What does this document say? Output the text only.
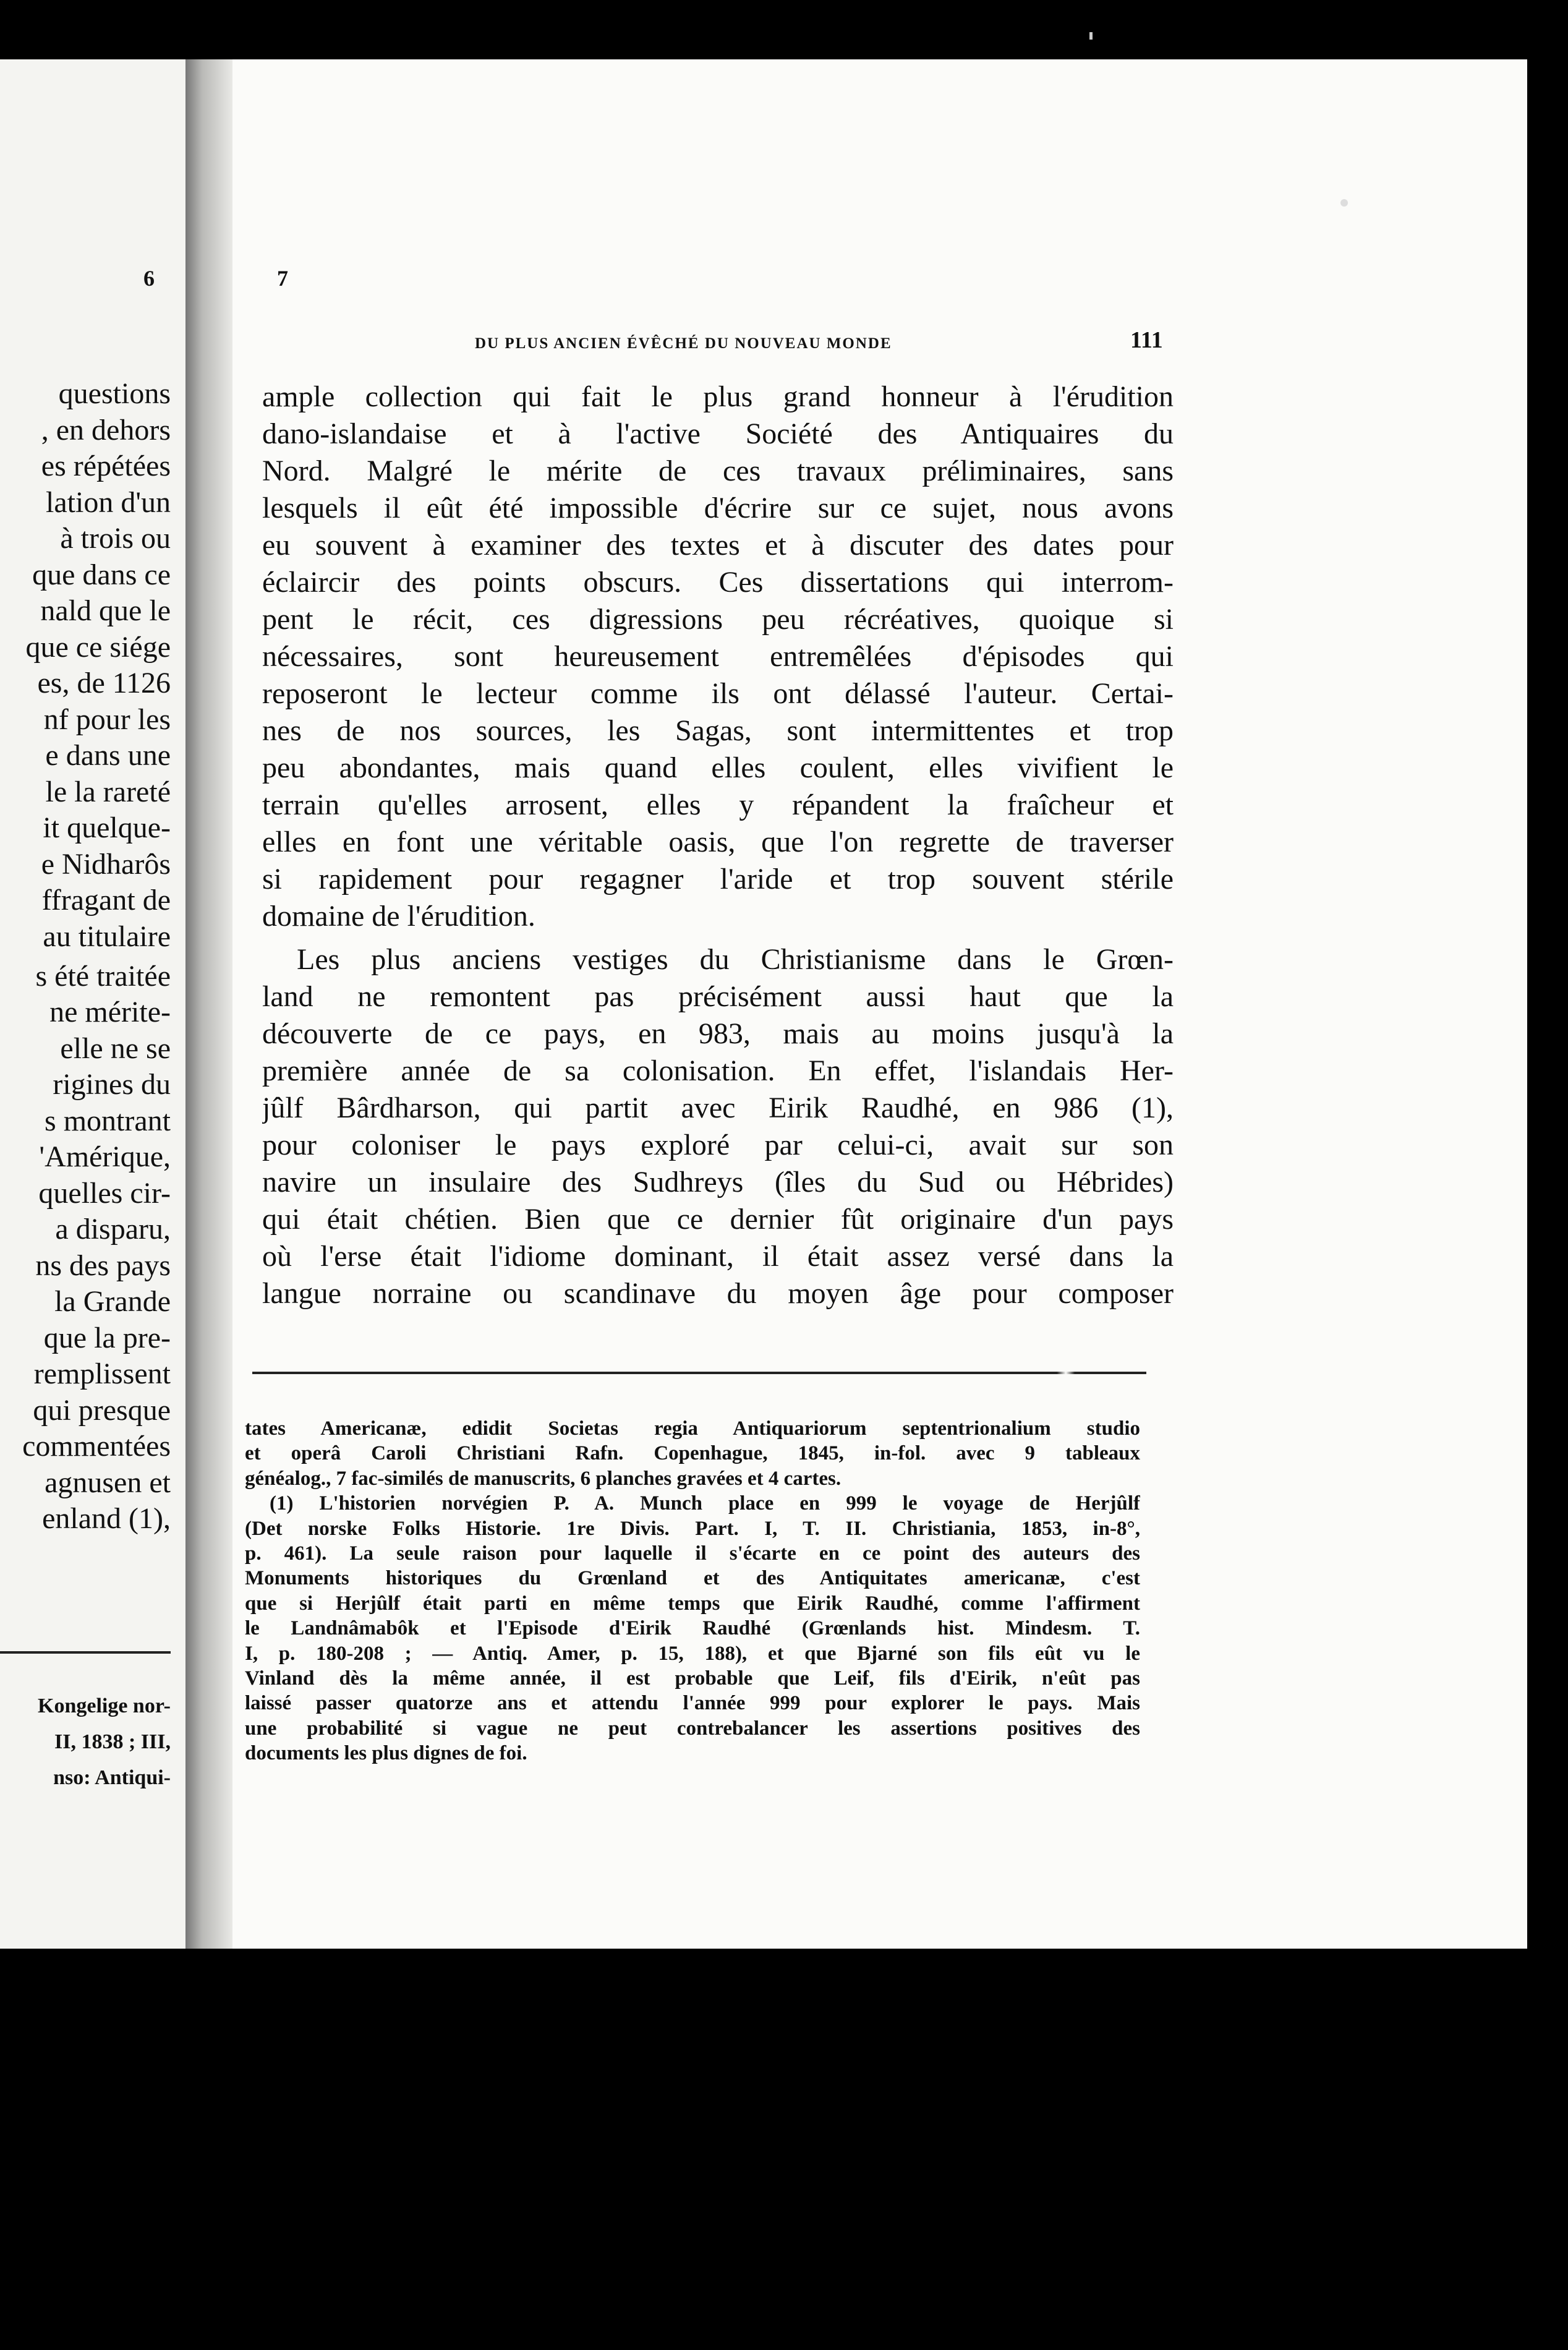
6	7
DU PLUS ANCIEN ÉVÊCHÉ DU NOUVEAU MONDE	111
questions
, en dehors
es répétées
lation d'un
à trois ou
que dans ce
nald que le
que ce siége
es, de 1126
nf pour les
e dans une
le la rareté
it quelque-
e Nidharôs
ffragant de
au titulaire
s été traitée
ne mérite-
elle ne se
rigines du
s montrant
'Amérique,
quelles cir-
a disparu,
ns des pays
la Grande
que la pre-
remplissent
qui presque
commentées
agnusen et
enland (1),
Kongelige nor-
II, 1838 ; III,
nso: Antiqui-
ample collection qui fait le plus grand honneur à l'érudition
dano-islandaise et à l'active Société des Antiquaires du
Nord. Malgré le mérite de ces travaux préliminaires, sans
lesquels il eût été impossible d'écrire sur ce sujet, nous avons
eu souvent à examiner des textes et à discuter des dates pour
éclaircir des points obscurs. Ces dissertations qui interrom-
pent le récit, ces digressions peu récréatives, quoique si
nécessaires, sont heureusement entremêlées d'épisodes qui
reposeront le lecteur comme ils ont délassé l'auteur. Certai-
nes de nos sources, les Sagas, sont intermittentes et trop
peu abondantes, mais quand elles coulent, elles vivifient le
terrain qu'elles arrosent, elles y répandent la fraîcheur et
elles en font une véritable oasis, que l'on regrette de traverser
si rapidement pour regagner l'aride et trop souvent stérile
domaine de l'érudition.
Les plus anciens vestiges du Christianisme dans le Grœn-
land ne remontent pas précisément aussi haut que la
découverte de ce pays, en 983, mais au moins jusqu'à la
première année de sa colonisation. En effet, l'islandais Her-
jûlf Bârdharson, qui partit avec Eirik Raudhé, en 986 (1),
pour coloniser le pays exploré par celui-ci, avait sur son
navire un insulaire des Sudhreys (îles du Sud ou Hébrides)
qui était chétien. Bien que ce dernier fût originaire d'un pays
où l'erse était l'idiome dominant, il était assez versé dans la
langue norraine ou scandinave du moyen âge pour composer
tates Americanæ, edidit Societas regia Antiquariorum septentrionalium studio
et operâ Caroli Christiani Rafn. Copenhague, 1845, in-fol. avec 9 tableaux
généalog., 7 fac-similés de manuscrits, 6 planches gravées et 4 cartes.
(1) L'historien norvégien P. A. Munch place en 999 le voyage de Herjûlf
(Det norske Folks Historie. 1re Divis. Part. I, T. II. Christiania, 1853, in-8°,
p. 461). La seule raison pour laquelle il s'écarte en ce point des auteurs des
Monuments historiques du Grœnland et des Antiquitates americanæ, c'est
que si Herjûlf était parti en même temps que Eirik Raudhé, comme l'affirment
le Landnâmabôk et l'Episode d'Eirik Raudhé (Grœnlands hist. Mindesm. T.
I, p. 180-208 ; — Antiq. Amer, p. 15, 188), et que Bjarné son fils eût vu le
Vinland dès la même année, il est probable que Leif, fils d'Eirik, n'eût pas
laissé passer quatorze ans et attendu l'année 999 pour explorer le pays. Mais
une probabilité si vague ne peut contrebalancer les assertions positives des
documents les plus dignes de foi.
